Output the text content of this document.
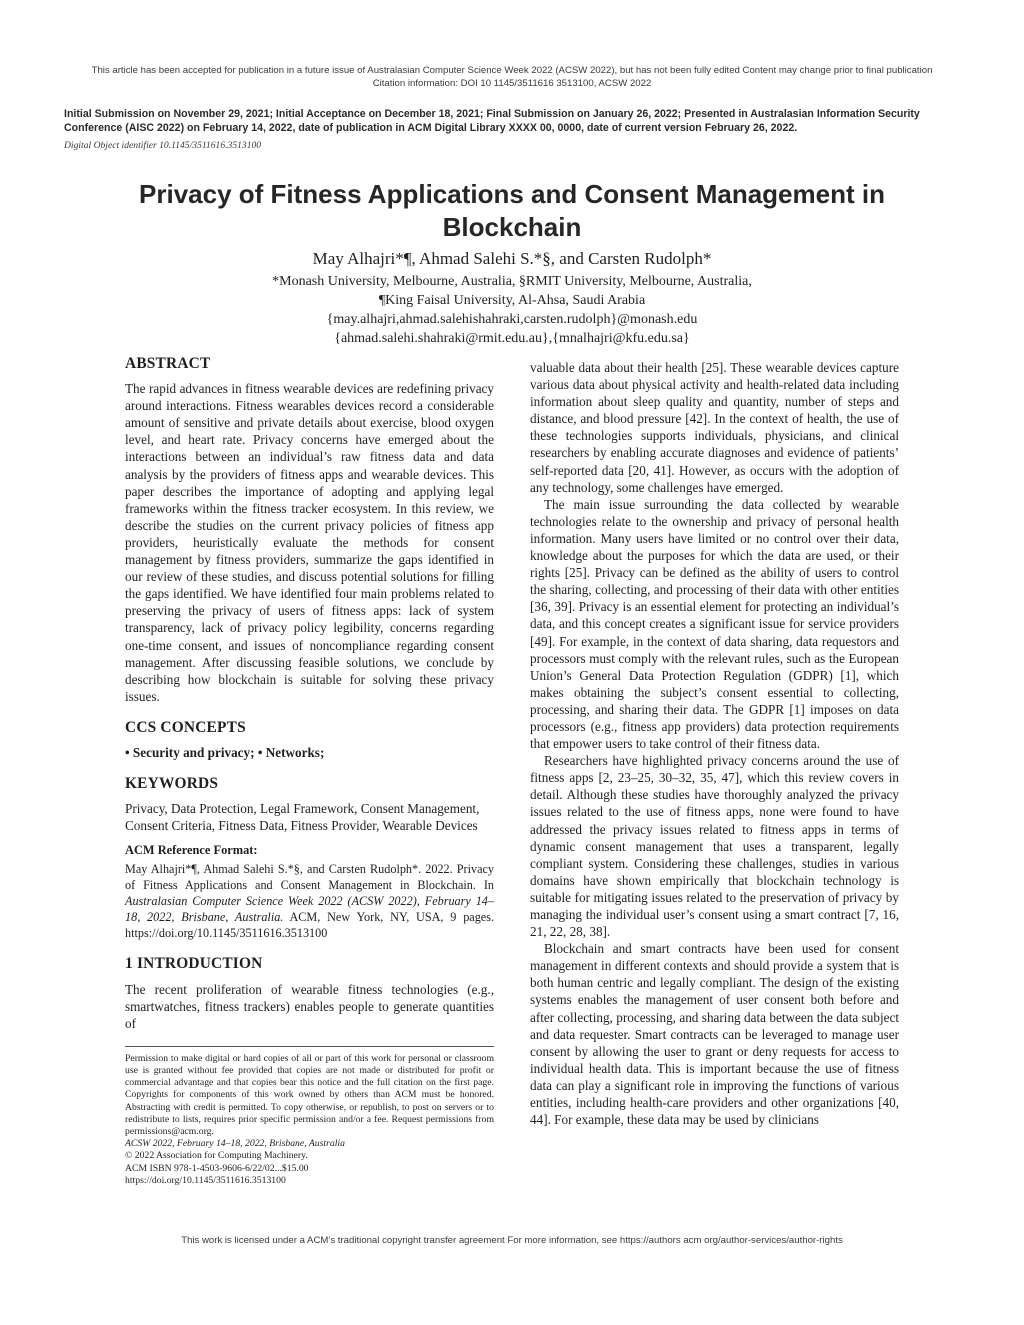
This article has been accepted for publication in a future issue of Australasian Computer Science Week 2022 (ACSW 2022), but has not been fully edited Content may change prior to final publication
Citation information: DOI 10 1145/3511616 3513100, ACSW 2022
Initial Submission on November 29, 2021; Initial Acceptance on December 18, 2021; Final Submission on January 26, 2022; Presented in Australasian Information Security Conference (AISC 2022) on February 14, 2022, date of publication in ACM Digital Library XXXX 00, 0000, date of current version February 26, 2022.
Digital Object identifier 10.1145/3511616.3513100
Privacy of Fitness Applications and Consent Management in Blockchain
May Alhajri*¶, Ahmad Salehi S.*§, and Carsten Rudolph*
*Monash University, Melbourne, Australia, §RMIT University, Melbourne, Australia,
¶King Faisal University, Al-Ahsa, Saudi Arabia
{may.alhajri,ahmad.salehishahraki,carsten.rudolph}@monash.edu
{ahmad.salehi.shahraki@rmit.edu.au},{mnalhajri@kfu.edu.sa}
ABSTRACT

The rapid advances in fitness wearable devices are redefining privacy around interactions. Fitness wearables devices record a considerable amount of sensitive and private details about exercise, blood oxygen level, and heart rate. Privacy concerns have emerged about the interactions between an individual’s raw fitness data and data analysis by the providers of fitness apps and wearable devices. This paper describes the importance of adopting and applying legal frameworks within the fitness tracker ecosystem. In this review, we describe the studies on the current privacy policies of fitness app providers, heuristically evaluate the methods for consent management by fitness providers, summarize the gaps identified in our review of these studies, and discuss potential solutions for filling the gaps identified. We have identified four main problems related to preserving the privacy of users of fitness apps: lack of system transparency, lack of privacy policy legibility, concerns regarding one-time consent, and issues of noncompliance regarding consent management. After discussing feasible solutions, we conclude by describing how blockchain is suitable for solving these privacy issues.

CCS CONCEPTS

• Security and privacy; • Networks;

KEYWORDS

Privacy, Data Protection, Legal Framework, Consent Management, Consent Criteria, Fitness Data, Fitness Provider, Wearable Devices

ACM Reference Format:

May Alhajri*¶, Ahmad Salehi S.*§, and Carsten Rudolph*. 2022. Privacy of Fitness Applications and Consent Management in Blockchain. In Australasian Computer Science Week 2022 (ACSW 2022), February 14–18, 2022, Brisbane, Australia. ACM, New York, NY, USA, 9 pages. https://doi.org/10.1145/3511616.3513100

1 INTRODUCTION

The recent proliferation of wearable fitness technologies (e.g., smartwatches, fitness trackers) enables people to generate quantities of

Permission to make digital or hard copies of all or part of this work for personal or classroom use is granted without fee provided that copies are not made or distributed for profit or commercial advantage and that copies bear this notice and the full citation on the first page. Copyrights for components of this work owned by others than ACM must be honored. Abstracting with credit is permitted. To copy otherwise, or republish, to post on servers or to redistribute to lists, requires prior specific permission and/or a fee. Request permissions from permissions@acm.org.

ACSW 2022, February 14–18, 2022, Brisbane, Australia

© 2022 Association for Computing Machinery.

ACM ISBN 978-1-4503-9606-6/22/02...$15.00

https://doi.org/10.1145/3511616.3513100

valuable data about their health [25]. These wearable devices capture various data about physical activity and health-related data including information about sleep quality and quantity, number of steps and distance, and blood pressure [42]. In the context of health, the use of these technologies supports individuals, physicians, and clinical researchers by enabling accurate diagnoses and evidence of patients’ self-reported data [20, 41]. However, as occurs with the adoption of any technology, some challenges have emerged.

The main issue surrounding the data collected by wearable technologies relate to the ownership and privacy of personal health information. Many users have limited or no control over their data, knowledge about the purposes for which the data are used, or their rights [25]. Privacy can be defined as the ability of users to control the sharing, collecting, and processing of their data with other entities [36, 39]. Privacy is an essential element for protecting an individual’s data, and this concept creates a significant issue for service providers [49]. For example, in the context of data sharing, data requestors and processors must comply with the relevant rules, such as the European Union’s General Data Protection Regulation (GDPR) [1], which makes obtaining the subject’s consent essential to collecting, processing, and sharing their data. The GDPR [1] imposes on data processors (e.g., fitness app providers) data protection requirements that empower users to take control of their fitness data.

Researchers have highlighted privacy concerns around the use of fitness apps [2, 23–25, 30–32, 35, 47], which this review covers in detail. Although these studies have thoroughly analyzed the privacy issues related to the use of fitness apps, none were found to have addressed the privacy issues related to fitness apps in terms of dynamic consent management that uses a transparent, legally compliant system. Considering these challenges, studies in various domains have shown empirically that blockchain technology is suitable for mitigating issues related to the preservation of privacy by managing the individual user’s consent using a smart contract [7, 16, 21, 22, 28, 38].

Blockchain and smart contracts have been used for consent management in different contexts and should provide a system that is both human centric and legally compliant. The design of the existing systems enables the management of user consent both before and after collecting, processing, and sharing data between the data subject and data requester. Smart contracts can be leveraged to manage user consent by allowing the user to grant or deny requests for access to individual health data. This is important because the use of fitness data can play a significant role in improving the functions of various entities, including health-care providers and other organizations [40, 44]. For example, these data may be used by clinicians

This work is licensed under a ACM’s traditional copyright transfer agreement For more information, see https://authors acm org/author-services/author-rights
